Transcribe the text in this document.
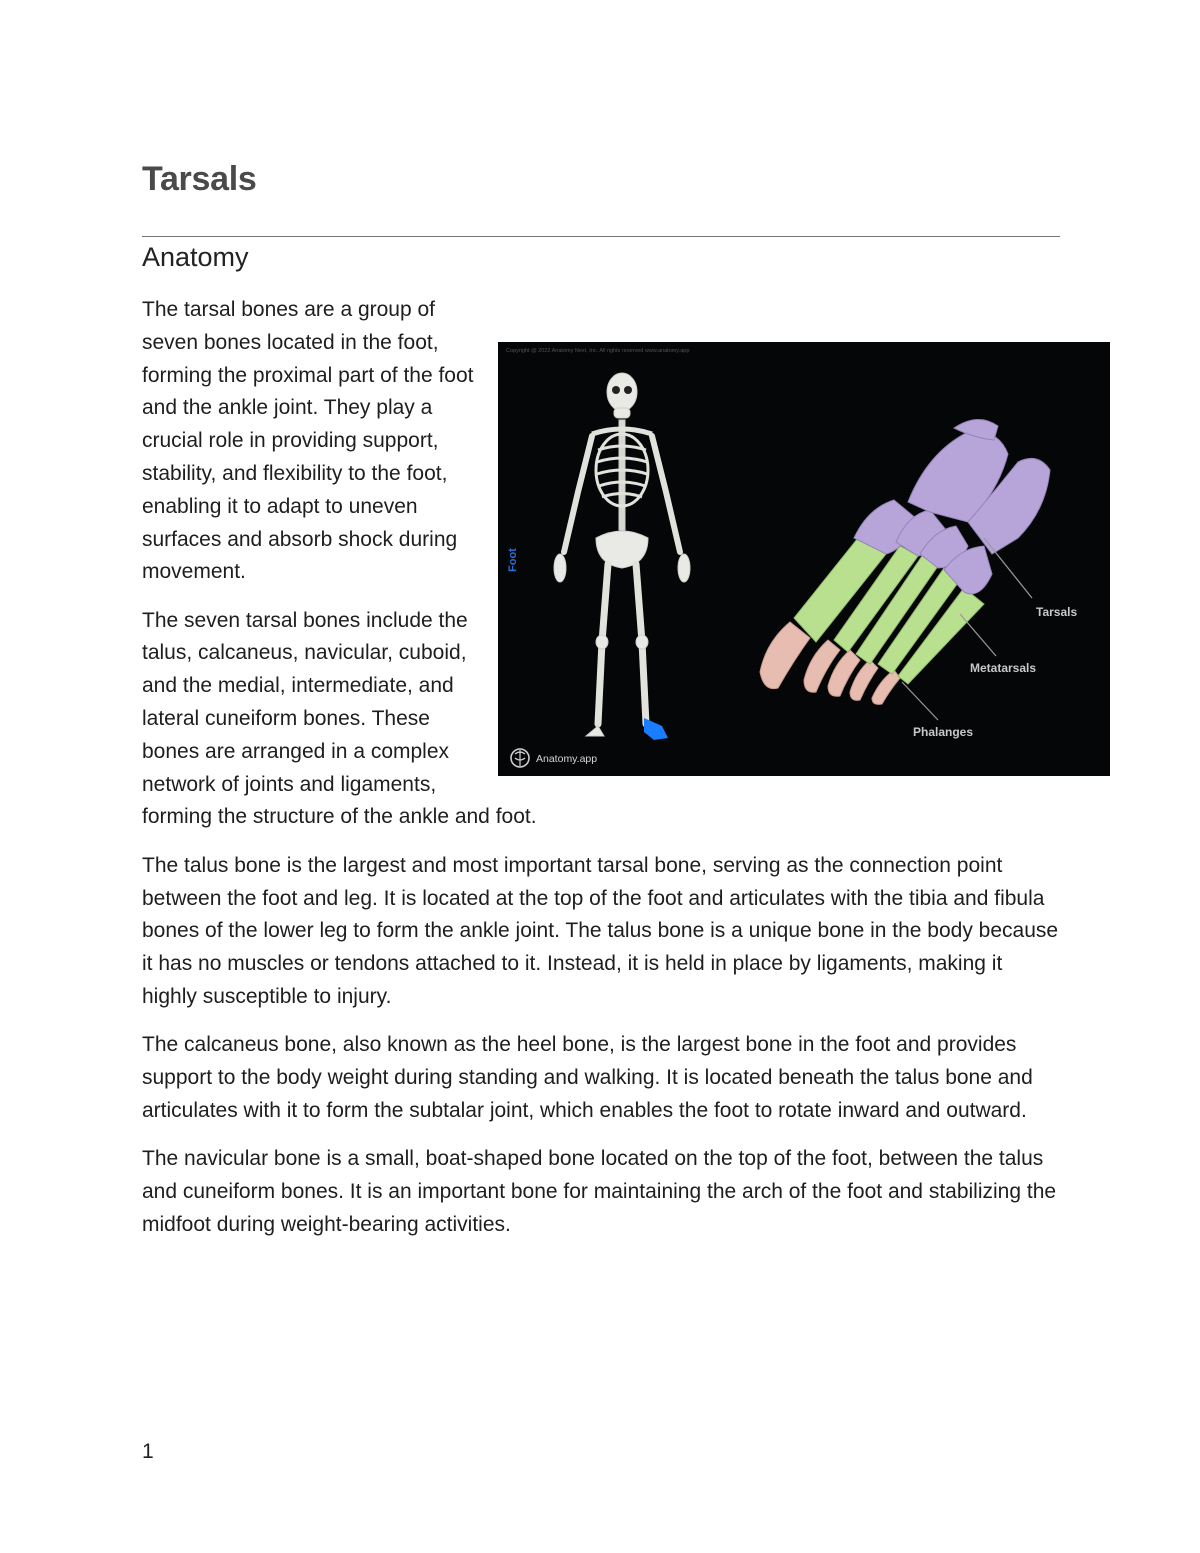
Tarsals
Anatomy
Copyright @ 2022 Anatomy Next, Inc. All rights reserved www.anatomy.app
Foot
Tarsals
Metatarsals
Phalanges
Anatomy.app

The tarsal bones are a group of seven bones located in the foot, forming the proximal part of the foot and the ankle joint. They play a crucial role in providing support, stability, and flexibility to the foot, enabling it to adapt to uneven surfaces and absorb shock during movement.

The seven tarsal bones include the talus, calcaneus, navicular, cuboid, and the medial, intermediate, and lateral cuneiform bones. These bones are arranged in a complex network of joints and ligaments, forming the structure of the ankle and foot.

The talus bone is the largest and most important tarsal bone, serving as the connection point between the foot and leg. It is located at the top of the foot and articulates with the tibia and fibula bones of the lower leg to form the ankle joint. The talus bone is a unique bone in the body because it has no muscles or tendons attached to it. Instead, it is held in place by ligaments, making it highly susceptible to injury.

The calcaneus bone, also known as the heel bone, is the largest bone in the foot and provides support to the body weight during standing and walking. It is located beneath the talus bone and articulates with it to form the subtalar joint, which enables the foot to rotate inward and outward.

The navicular bone is a small, boat-shaped bone located on the top of the foot, between the talus and cuneiform bones. It is an important bone for maintaining the arch of the foot and stabilizing the midfoot during weight-bearing activities.

1
